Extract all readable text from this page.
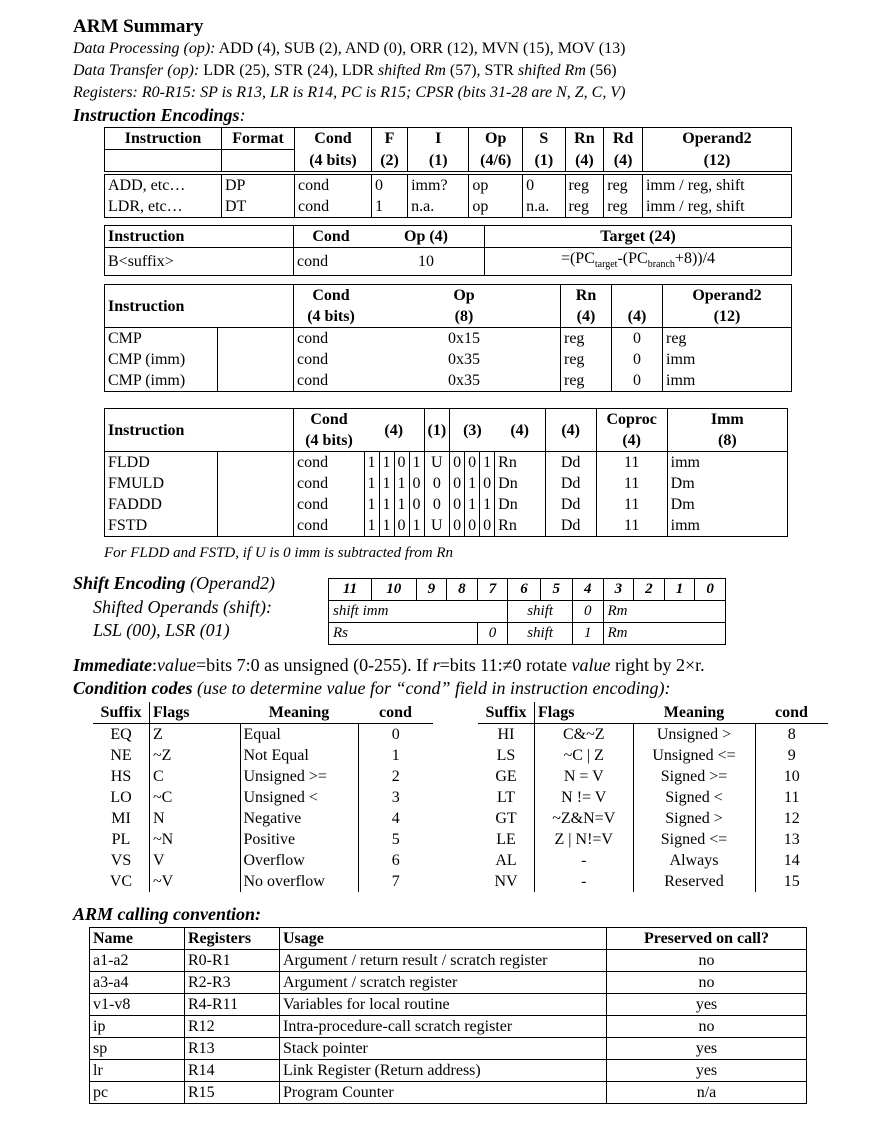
ARM Summary
Data Processing (op): ADD (4), SUB (2), AND (0), ORR (12), MVN (15), MOV (13)
Data Transfer (op): LDR (25), STR (24), LDR shifted Rm (57), STR shifted Rm (56)
Registers: R0-R15: SP is R13, LR is R14, PC is R15; CPSR (bits 31-28 are N, Z, C, V)
Instruction Encodings:
Instruction	Format	Cond	F	I	Op	S	Rn	Rd	Operand2
		(4 bits)	(2)	(1)	(4/6)	(1)	(4)	(4)	(12)
ADD, etc…	DP	cond	0	imm?	op	0	reg	reg	imm / reg, shift
LDR, etc…	DT	cond	1	n.a.	op	n.a.	reg	reg	imm / reg, shift
Instruction	Cond	Op (4)	Target (24)
B<suffix>	cond	10	$=(PC_{target}-(PC_{branch}+8))/4$
Instruction		Cond	Op	Rn		Operand2
		(4 bits)	(8)	(4)	(4)	(12)
CMP		cond	0x15	reg	0	reg
CMP (imm)		cond	0x35	reg	0	imm
CMP (imm)		cond	0x35	reg	0	imm
Instruction		Cond	(4)				(1)	(3)			(4)	(4)	Coproc	Imm
		(4 bits)											(4)	(8)
FLDD		cond	1	1	0	1	U	0	0	1	Rn	Dd	11	imm
FMULD		cond	1	1	1	0	0	0	1	0	Dn	Dd	11	Dm
FADDD		cond	1	1	1	0	0	0	1	1	Dn	Dd	11	Dm
FSTD		cond	1	1	0	1	U	0	0	0	Rn	Dd	11	imm
For FLDD and FSTD, if U is 0 imm is subtracted from Rn
Shift Encoding (Operand2)
Shifted Operands (shift):
LSL (00), LSR (01)
11	10	9	8	7	6	5	4	3	2	1	0
shift imm					shift		0	Rm			
Rs				0	shift		1	Rm			
Immediate:value=bits 7:0 as unsigned (0-255). If r=bits 11:≠0 rotate value right by 2×r.
Condition codes (use to determine value for “cond” field in instruction encoding):
Suffix	Flags	Meaning	cond
EQ	Z	Equal	0
NE	~Z	Not Equal	1
HS	C	Unsigned >=	2
LO	~C	Unsigned <	3
MI	N	Negative	4
PL	~N	Positive	5
VS	V	Overflow	6
VC	~V	No overflow	7
Suffix	Flags	Meaning	cond
HI	C&~Z	Unsigned >	8
LS	~C | Z	Unsigned <=	9
GE	N = V	Signed >=	10
LT	N != V	Signed <	11
GT	~Z&N=V	Signed >	12
LE	Z | N!=V	Signed <=	13
AL	-	Always	14
NV	-	Reserved	15
ARM calling convention:
Name	Registers	Usage	Preserved on call?
a1-a2	R0-R1	Argument / return result / scratch register	no
a3-a4	R2-R3	Argument / scratch register	no
v1-v8	R4-R11	Variables for local routine	yes
ip	R12	Intra-procedure-call scratch register	no
sp	R13	Stack pointer	yes
lr	R14	Link Register (Return address)	yes
pc	R15	Program Counter	n/a
